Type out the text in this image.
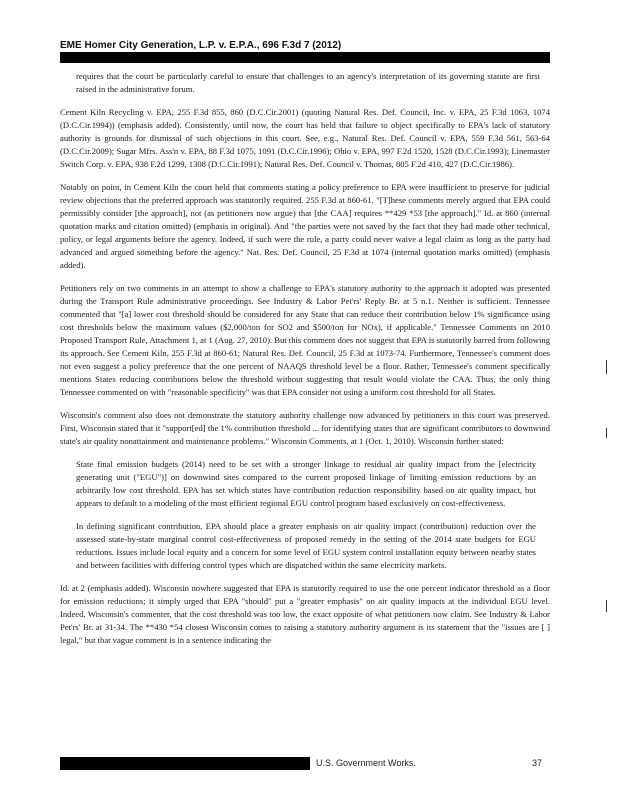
EME Homer City Generation, L.P. v. E.P.A., 696 F.3d 7 (2012)

requires that the court be particularly careful to ensure that challenges to an agency's interpretation of its governing statute are first raised in the administrative forum.

Cement Kiln Recycling v. EPA, 255 F.3d 855, 860 (D.C.Cir.2001) (quoting Natural Res. Def. Council, Inc. v. EPA, 25 F.3d 1063, 1074 (D.C.Cir.1994)) (emphasis added). Consistently, until now, the court has held that failure to object specifically to EPA's lack of statutory authority is grounds for dismissal of such objections in this court. See, e.g., Natural Res. Def. Council v. EPA, 559 F.3d 561, 563-64 (D.C.Cir.2009); Sugar Mfrs. Ass'n v. EPA, 88 F.3d 1075, 1091 (D.C.Cir.1996); Ohio v. EPA, 997 F.2d 1520, 1528 (D.C.Cir.1993); Linemaster Switch Corp. v. EPA, 938 F.2d 1299, 1308 (D.C.Cir.1991); Natural Res. Def. Council v. Thomas, 805 F.2d 410, 427 (D.C.Cir.1986).

Notably on point, in Cement Kiln the court held that comments stating a policy preference to EPA were insufficient to preserve for judicial review objections that the preferred approach was statutorily required. 255 F.3d at 860-61. "[T]hese comments merely argued that EPA could permissibly consider [the approach], not (as petitioners now argue) that [the CAA] requires **429 *53 [the approach]." Id. at 860 (internal quotation marks and citation omitted) (emphasis in original). And "the parties were not saved by the fact that they had made other technical, policy, or legal arguments before the agency. Indeed, if such were the rule, a party could never waive a legal claim as long as the party had advanced and argued something before the agency." Nat. Res. Def. Council, 25 F.3d at 1074 (internal quotation marks omitted) (emphasis added).

Petitioners rely on two comments in an attempt to show a challenge to EPA's statutory authority to the approach it adopted was presented during the Transport Rule administrative proceedings. See Industry & Labor Pet'rs' Reply Br. at 5 n.1. Neither is sufficient. Tennessee commented that "[a] lower cost threshold should be considered for any State that can reduce their contribution below 1% significance using cost thresholds below the maximum values ($2,000/ton for SO2 and $500/ton for NOx), if applicable." Tennessee Comments on 2010 Proposed Transport Rule, Attachment 1, at 1 (Aug. 27, 2010). But this comment does not suggest that EPA is statutorily barred from following its approach. See Cement Kiln, 255 F.3d at 860-61; Natural Res. Def. Council, 25 F.3d at 1073-74. Furthermore, Tennessee's comment does not even suggest a policy preference that the one percent of NAAQS threshold level be a floor. Rather, Tennessee's comment specifically mentions States reducing contributions below the threshold without suggesting that result would violate the CAA. Thus, the only thing Tennessee commented on with "reasonable specificity" was that EPA consider not using a uniform cost threshold for all States.

Wisconsin's comment also does not demonstrate the statutory authority challenge now advanced by petitioners in this court was preserved. First, Wisconsin stated that it "support[ed] the 1% contribution threshold ... for identifying states that are significant contributors to downwind state's air quality nonattainment and maintenance problems." Wisconsin Comments, at 1 (Oct. 1, 2010). Wisconsin further stated:

State final emission budgets (2014) need to be set with a stronger linkage to residual air quality impact from the [electricity generating unit ("EGU")] on downwind sites compared to the current proposed linkage of limiting emission reductions by an arbitrarily low cost threshold. EPA has set which states have contribution reduction responsibility based on air quality impact, but appears to default to a modeling of the most efficient regional EGU control program based exclusively on cost-effectiveness.

In defining significant contribution, EPA should place a greater emphasis on air quality impact (contribution) reduction over the assessed state-by-state marginal control cost-effectiveness of proposed remedy in the setting of the 2014 state budgets for EGU reductions. Issues include local equity and a concern for some level of EGU system control installation equity between nearby states and between facilities with differing control types which are dispatched within the same electricity markets.

Id. at 2 (emphasis added). Wisconsin nowhere suggested that EPA is statutorily required to use the one percent indicator threshold as a floor for emission reductions; it simply urged that EPA "should" put a "greater emphasis" on air quality impacts at the individual EGU level. Indeed, Wisconsin's commenter, that the cost threshold was too low, the exact opposite of what petitioners now claim. See Industry & Labor Pet'rs' Br. at 31-34. The **430 *54 closest Wisconsin comes to raising a statutory authority argument is its statement that the "issues are [ ] legal," but that vague comment is in a sentence indicating the

U.S. Government Works.	37
